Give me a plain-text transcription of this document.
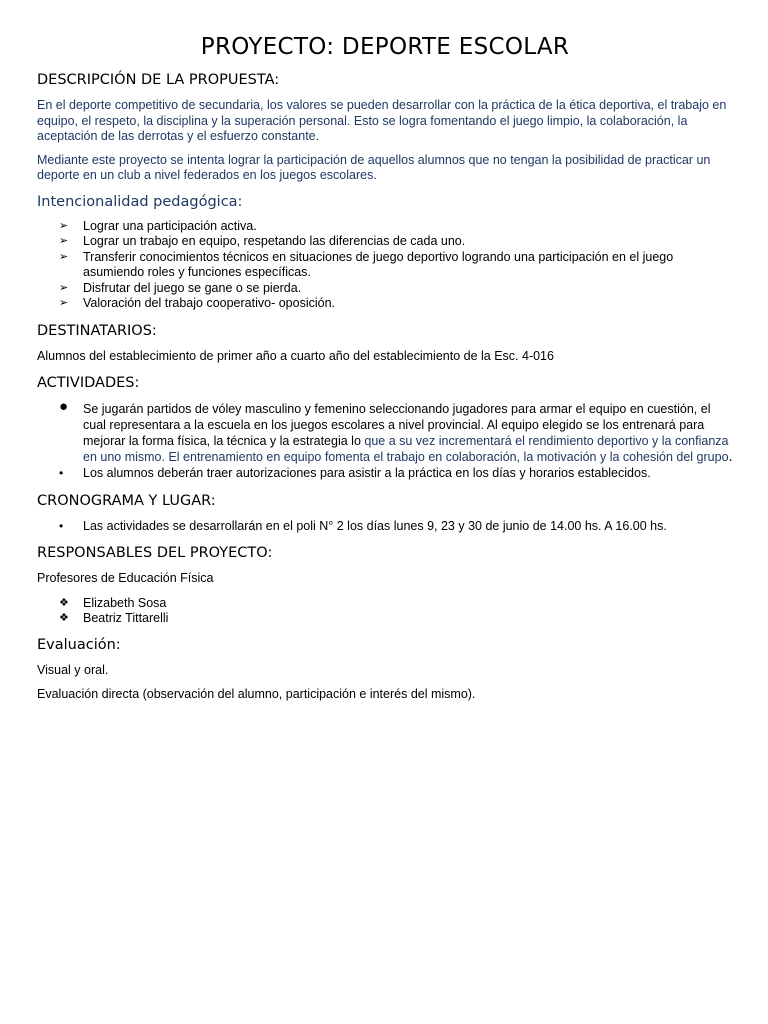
PROYECTO: DEPORTE ESCOLAR
DESCRIPCIÓN DE LA PROPUESTA:

En el deporte competitivo de secundaria, los valores se pueden desarrollar con la práctica de la ética deportiva, el trabajo en equipo, el respeto, la disciplina y la superación personal. Esto se logra fomentando el juego limpio, la colaboración, la aceptación de las derrotas y el esfuerzo constante.

Mediante este proyecto se intenta lograr la participación de aquellos alumnos que no tengan la posibilidad de practicar un deporte en un club a nivel federados en los juegos escolares.

Intencionalidad pedagógica:
➢	Lograr una participación activa.
➢	Lograr un trabajo en equipo, respetando las diferencias de cada uno.
➢	Transferir conocimientos técnicos en situaciones de juego deportivo logrando una participación en el juego asumiendo roles y funciones específicas.
➢	Disfrutar del juego se gane o se pierda.
➢	Valoración del trabajo cooperativo- oposición.
DESTINATARIOS:

Alumnos del establecimiento de primer año a cuarto año del establecimiento de la Esc. 4-016

ACTIVIDADES:
●	Se jugarán partidos de vóley masculino y femenino seleccionando jugadores para armar el equipo en cuestión, el cual representara a la escuela en los juegos escolares a nivel provincial. Al equipo elegido se los entrenará para mejorar la forma física, la técnica y la estrategia lo que a su vez incrementará el rendimiento deportivo y la confianza en uno mismo. El entrenamiento en equipo fomenta el trabajo en colaboración, la motivación y la cohesión del grupo.
•	Los alumnos deberán traer autorizaciones para asistir a la práctica en los días y horarios establecidos.
CRONOGRAMA Y LUGAR:
•	Las actividades se desarrollarán en el poli N° 2 los días lunes 9, 23 y 30 de junio de 14.00 hs. A 16.00 hs.
RESPONSABLES DEL PROYECTO:

Profesores de Educación Física

❖	Elizabeth Sosa
❖	Beatriz Tittarelli
Evaluación:

Visual y oral.

Evaluación directa (observación del alumno, participación e interés del mismo).
